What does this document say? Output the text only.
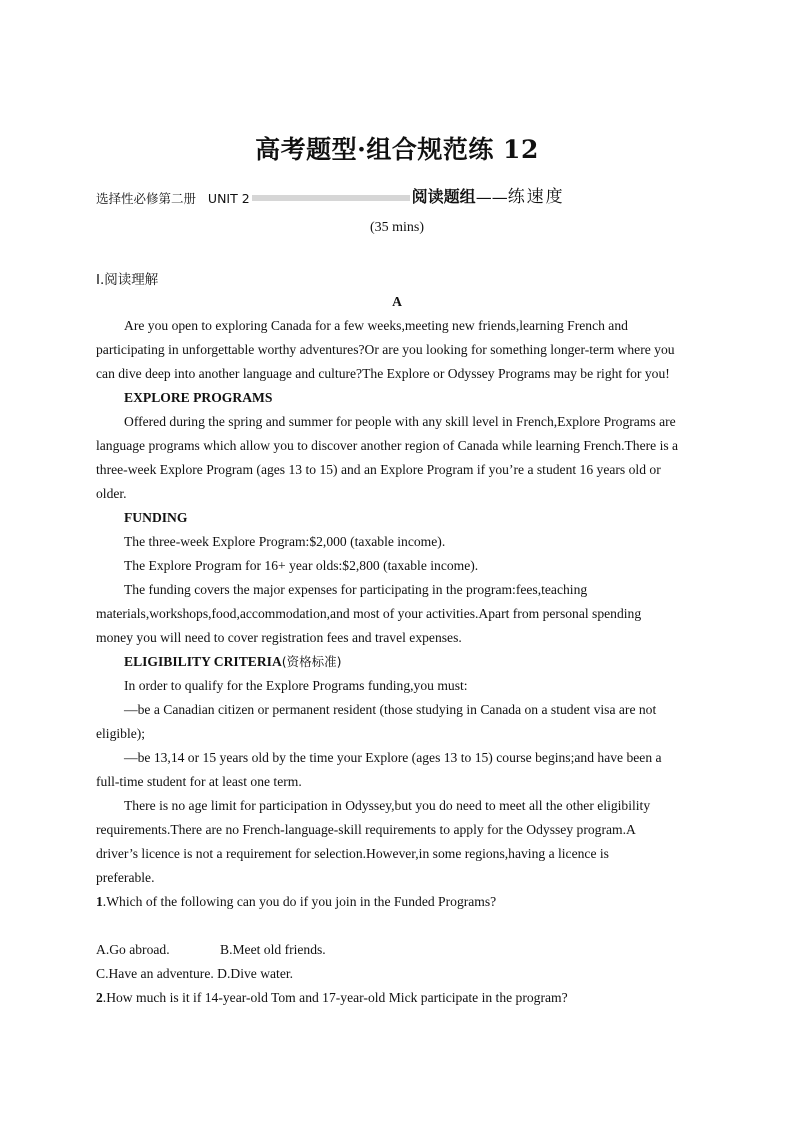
高考题型·组合规范练 12
选择性必修第二册   UNIT 2	阅读题组 —— 练速度
(35 mins)
Ⅰ.阅读理解
A
Are you open to exploring Canada for a few weeks,meeting new friends,learning French and
participating in unforgettable worthy adventures?Or are you looking for something longer-term where you
can dive deep into another language and culture?The Explore or Odyssey Programs may be right for you!
EXPLORE PROGRAMS
Offered during the spring and summer for people with any skill level in French,Explore Programs are
language programs which allow you to discover another region of Canada while learning French.There is a
three-week Explore Program (ages 13 to 15) and an Explore Program if you’re a student 16 years old or
older.
FUNDING
The three-week Explore Program:$2,000 (taxable income).
The Explore Program for 16+ year olds:$2,800 (taxable income).
The funding covers the major expenses for participating in the program:fees,teaching
materials,workshops,food,accommodation,and most of your activities.Apart from personal spending
money you will need to cover registration fees and travel expenses.
ELIGIBILITY CRITERIA(资格标准)
In order to qualify for the Explore Programs funding,you must:
—be a Canadian citizen or permanent resident (those studying in Canada on a student visa are not
eligible);
—be 13,14 or 15 years old by the time your Explore (ages 13 to 15) course begins;and have been a
full-time student for at least one term.
There is no age limit for participation in Odyssey,but you do need to meet all the other eligibility
requirements.There are no French-language-skill requirements to apply for the Odyssey program.A
driver’s licence is not a requirement for selection.However,in some regions,having a licence is
preferable.
1.Which of the following can you do if you join in the Funded Programs?
A.Go abroad.	B.Meet old friends.
C.Have an adventure. D.Dive water.
2.How much is it if 14-year-old Tom and 17-year-old Mick participate in the program?
